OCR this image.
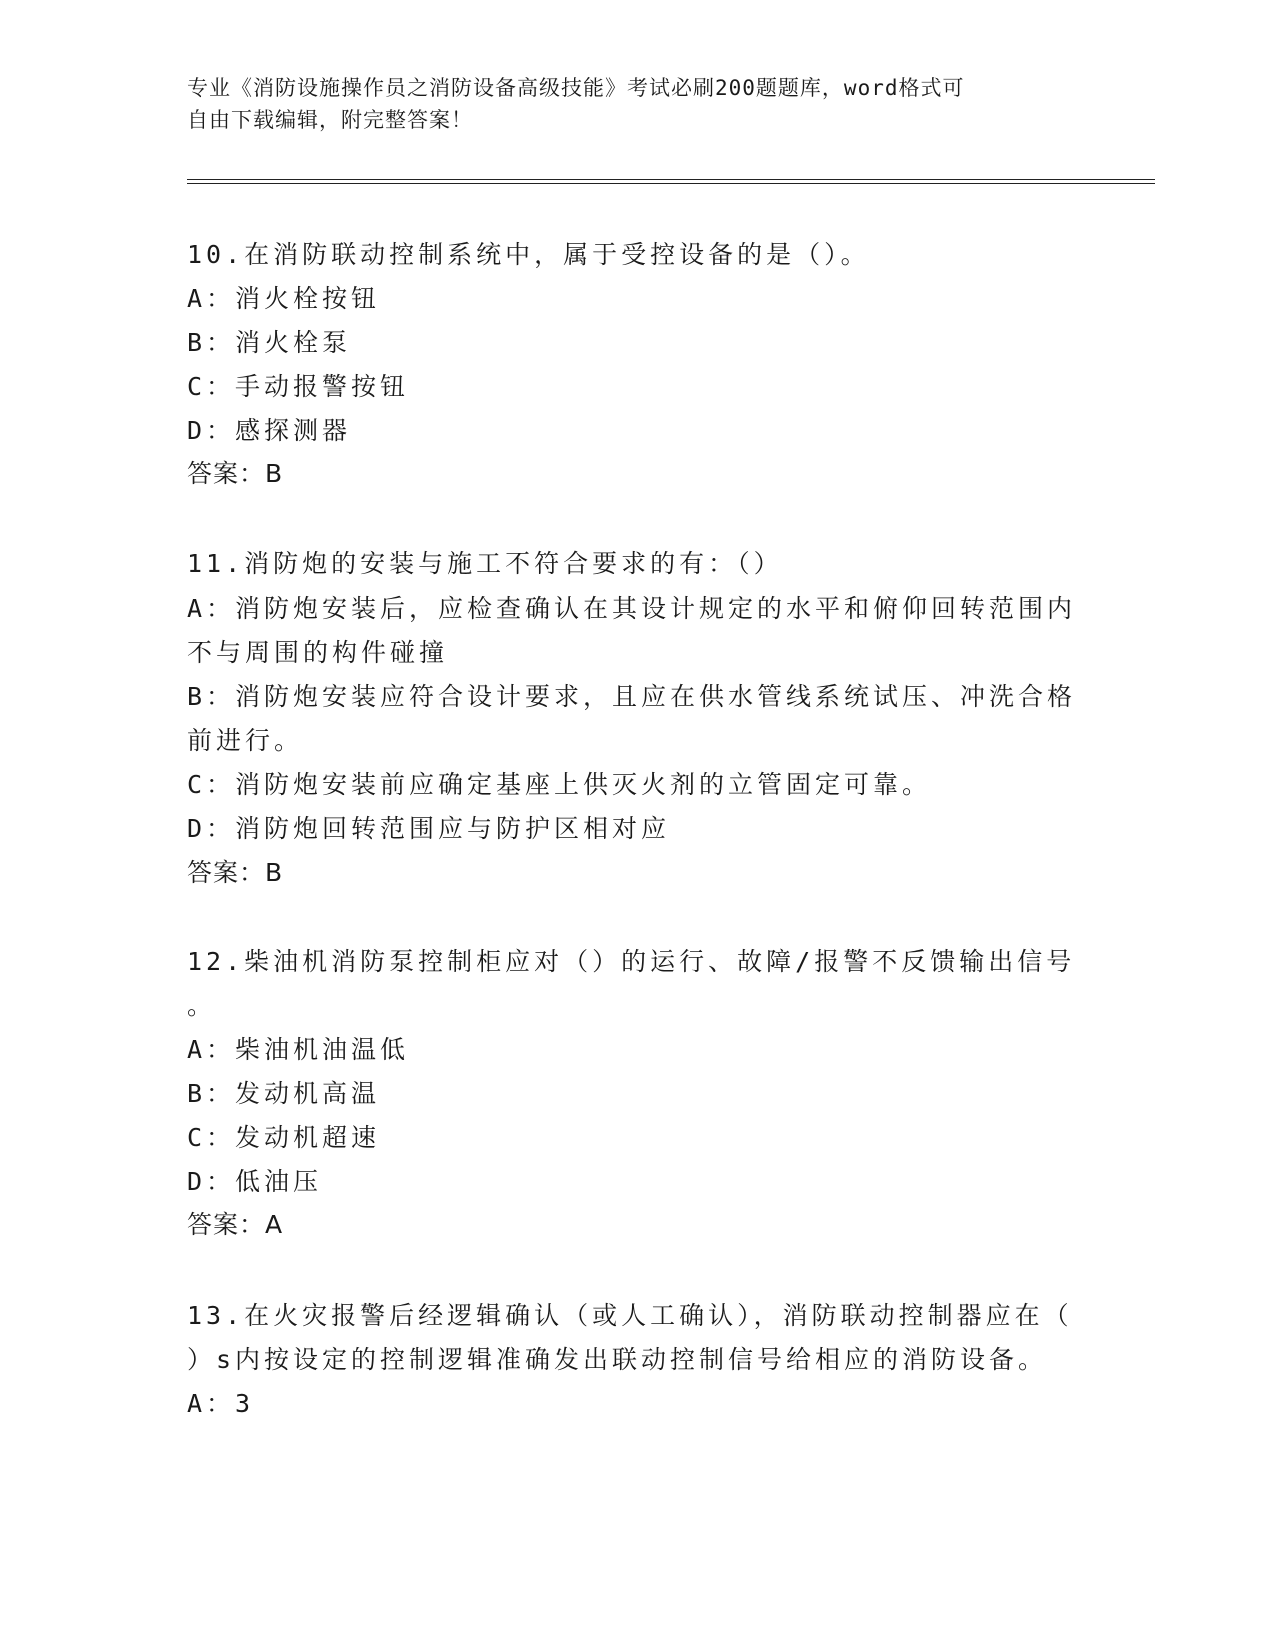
专业《消防设施操作员之消防设备高级技能》考试必刷200题题库，word格式可

自由下载编辑，附完整答案！

10.在消防联动控制系统中，属于受控设备的是（）。
A：消火栓按钮
B：消火栓泵
C：手动报警按钮
D：感探测器
答案：B
11.消防炮的安装与施工不符合要求的有：（）
A：消防炮安装后，应检查确认在其设计规定的水平和俯仰回转范围内
不与周围的构件碰撞
B：消防炮安装应符合设计要求，且应在供水管线系统试压、冲洗合格
前进行。
C：消防炮安装前应确定基座上供灭火剂的立管固定可靠。
D：消防炮回转范围应与防护区相对应
答案：B
12.柴油机消防泵控制柜应对（）的运行、故障/报警不反馈输出信号
。
A：柴油机油温低
B：发动机高温
C：发动机超速
D：低油压
答案：A
13.在火灾报警后经逻辑确认（或人工确认），消防联动控制器应在（
）s内按设定的控制逻辑准确发出联动控制信号给相应的消防设备。
A：3
